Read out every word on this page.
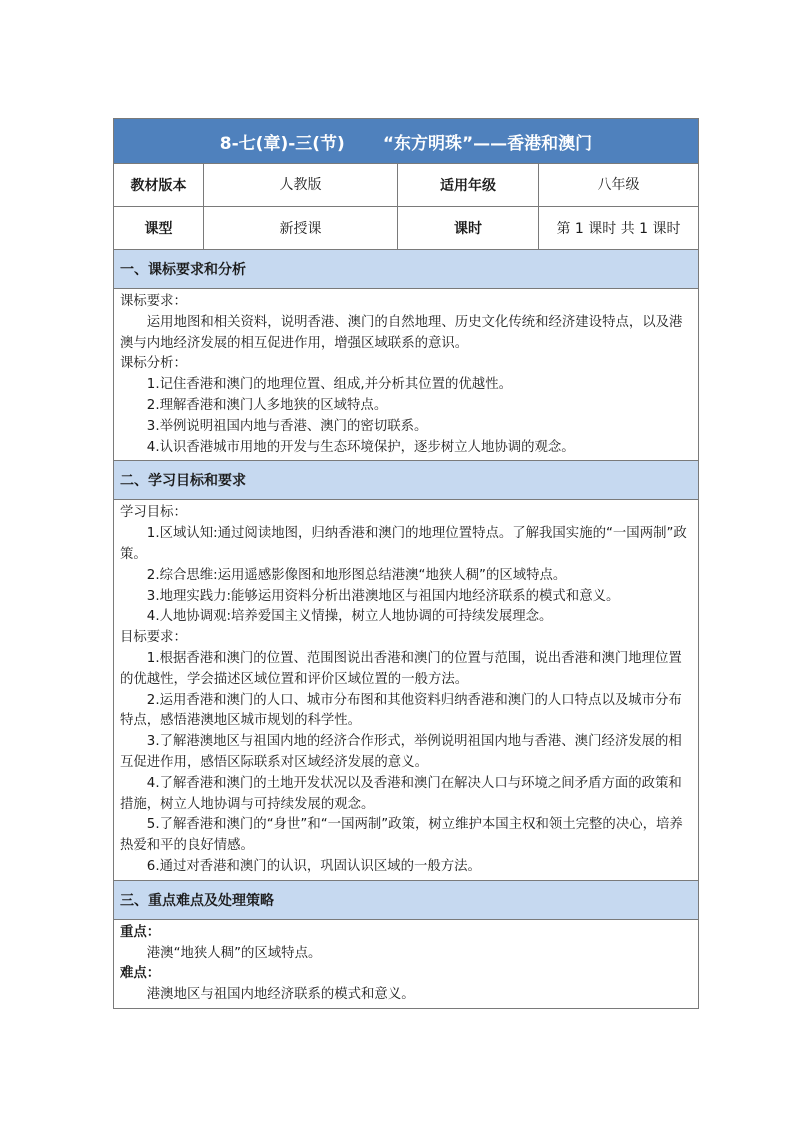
8-七(章)-三(节) “东方明珠”——香港和澳门
教材版本	人教版	适用年级	八年级
课型	新授课	课时	第 1 课时 共 1 课时
一、课标要求和分析

课标要求：

运用地图和相关资料，说明香港、澳门的自然地理、历史文化传统和经济建设特点，以及港澳与内地经济发展的相互促进作用，增强区域联系的意识。

课标分析：

1.记住香港和澳门的地理位置、组成,并分析其位置的优越性。

2.理解香港和澳门人多地狭的区域特点。

3.举例说明祖国内地与香港、澳门的密切联系。

4.认识香港城市用地的开发与生态环境保护，逐步树立人地协调的观念。

二、学习目标和要求

学习目标：

1.区域认知:通过阅读地图，归纳香港和澳门的地理位置特点。了解我国实施的“一国两制”政策。

2.综合思维:运用遥感影像图和地形图总结港澳“地狭人稠”的区域特点。

3.地理实践力:能够运用资料分析出港澳地区与祖国内地经济联系的模式和意义。

4.人地协调观:培养爱国主义情操，树立人地协调的可持续发展理念。

目标要求：

1.根据香港和澳门的位置、范围图说出香港和澳门的位置与范围，说出香港和澳门地理位置的优越性，学会描述区域位置和评价区域位置的一般方法。

2.运用香港和澳门的人口、城市分布图和其他资料归纳香港和澳门的人口特点以及城市分布特点，感悟港澳地区城市规划的科学性。

3.了解港澳地区与祖国内地的经济合作形式，举例说明祖国内地与香港、澳门经济发展的相互促进作用，感悟区际联系对区域经济发展的意义。

4.了解香港和澳门的土地开发状况以及香港和澳门在解决人口与环境之间矛盾方面的政策和措施，树立人地协调与可持续发展的观念。

5.了解香港和澳门的“身世”和“一国两制”政策，树立维护本国主权和领土完整的决心，培养热爱和平的良好情感。

6.通过对香港和澳门的认识，巩固认识区域的一般方法。

三、重点难点及处理策略

重点：

港澳“地狭人稠”的区域特点。

难点：

港澳地区与祖国内地经济联系的模式和意义。
